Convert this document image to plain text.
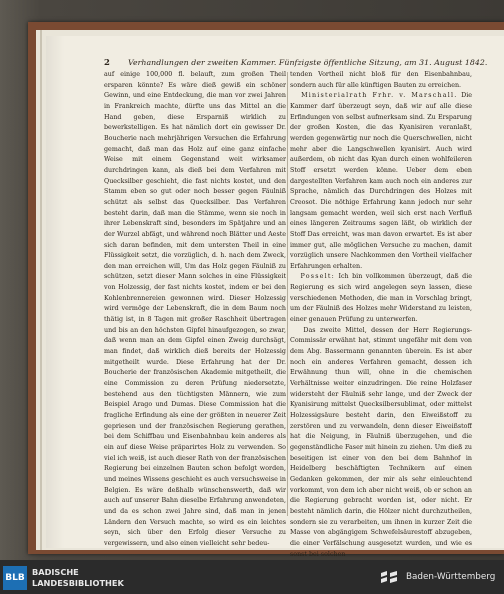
2 Verhandlungen der zweiten Kammer. Fünfzigste öffentliche Sitzung, am 31. August 1842.

auf einige 100,000 fl. belauft, zum großen Theil ersparen könnte? Es wäre dieß gewiß ein schöner Gewinn, und eine Entdeckung, die man vor zwei Jahren in Frankreich machte, dürfte uns das Mittel an die Hand geben, diese Ersparniß wirklich zu bewerkstelligen. Es hat nämlich dort ein gewisser Dr. Boucherie nach mehrjährigen Versuchen die Erfahrung gemacht, daß man das Holz auf eine ganz einfache Weise mit einem Gegenstand weit wirksamer durchdringen kann, als dieß bei dem Verfahren mit Quecksilber geschieht, die fast nichts kostet, und den Stamm eben so gut oder noch besser gegen Fäulniß schützt als selbst das Quecksilber. Das Verfahren besteht darin, daß man die Stämme, wenn sie noch in ihrer Lebenskraft sind, besonders im Spätjahre und an der Wurzel abfägt, und während noch Blätter und Aeste sich daran befinden, mit dem untersten Theil in eine Flüssigkeit setzt, die vorzüglich, d. h. nach dem Zweck, den man erreichen will, Um das Holz gegen Fäulniß zu schützen, setzt dieser Mann solches in eine Flüssigkeit von Holzessig, der fast nichts kostet, indem er bei den Kohlenbrennereien gewonnen wird. Dieser Holzessig wird vermöge der Lebenskraft, die in dem Baum noch thätig ist, in 8 Tagen mit großer Raschheit übertragen und bis an den höchsten Gipfel hinaufgezogen, so zwar, daß wenn man an dem Gipfel einen Zweig durchsägt, man findet, daß wirklich dieß bereits der Holzessig mitgetheilt wurde. Diese Erfahrung hat der Dr. Boucherie der französischen Akademie mitgetheilt, die eine Commission zu deren Prüfung niedersetzte, bestehend aus den tüchtigsten Männern, wie zum Beispiel Arago und Dumas. Diese Commission hat die fragliche Erfindung als eine der größten in neuerer Zeit gepriesen und der französischen Regierung gerathen, bei dem Schiffbau und Eisenbahnbau kein anderes als ein auf diese Weise präparirtes Holz zu verwenden. So viel ich weiß, ist auch dieser Rath von der französischen Regierung bei einzelnen Bauten schon befolgt worden, und meines Wissens geschieht es auch versuchsweise in Belgien. Es wäre deßhalb wünschenswerth, daß wir auch auf unserer Bahn dieselbe Erfahrung anwendeten, und da es schon zwei Jahre sind, daß man in jenen Ländern den Versuch machte, so wird es ein leichtes seyn, sich über den Erfolg dieser Versuche zu vergewissern, und also einen vielleicht sehr bedeu-

tenden Vortheil nicht bloß für den Eisenbahnbau, sondern auch für alle künftigen Bauten zu erreichen.

Ministerialrath Frhr. v. Marschall. Die Kammer darf überzeugt seyn, daß wir auf alle diese Erfindungen von selbst aufmerksam sind. Zu Ersparung der großen Kosten, die das Kyanisiren veranlaßt, werden gegenwärtig nur noch die Querschwellen, nicht mehr aber die Langschwellen kyanisirt. Auch wird außerdem, ob nicht das Kyan durch einen wohlfeileren Stoff ersetzt werden könne. Ueber dem eben dargestellten Verfahren kam auch noch ein anderes zur Sprache, nämlich das Durchdringen des Holzes mit Creosot. Die nöthige Erfahrung kann jedoch nur sehr langsam gemacht werden, weil sich erst nach Verfluß eines längeren Zeitraums sagen läßt, ob wirklich der Stoff Das erreicht, was man davon erwartet. Es ist aber immer gut, alle möglichen Versuche zu machen, damit vorzüglich unsere Nachkommen den Vortheil vielfacher Erfahrungen erhalten.

Posselt: Ich bin vollkommen überzeugt, daß die Regierung es sich wird angelegen seyn lassen, diese verschiedenen Methoden, die man in Vorschlag bringt, um der Fäulniß des Holzes mehr Widerstand zu leisten, einer genauen Prüfung zu unterwerfen.

Das zweite Mittel, dessen der Herr Regierungs-Commissär erwähnt hat, stimmt ungefähr mit dem von dem Abg. Bassermann genannten überein. Es ist aber noch ein anderes Verfahren gemacht, dessen ich Erwähnung thun will, ohne in die chemischen Verhältnisse weiter einzudringen. Die reine Holzfaser widersteht der Fäulniß sehr lange, und der Zweck der Kyanisirung mittelst Quecksilbersublimat, oder mittelst Holzessigsäure besteht darin, den Eiweißstoff zu zerstören und zu verwandeln, denn dieser Eiweißstoff hat die Neigung, in Fäulniß überzugehen, und die gegenständliche Faser mit hinein zu ziehen. Um dieß zu beseitigen ist einer von den bei dem Bahnhof in Heidelberg beschäftigten Technikern auf einen Gedanken gekommen, der mir als sehr einleuchtend vorkommt, von dem ich aber nicht weiß, ob er schon an die Regierung gebracht worden ist, oder nicht. Er besteht nämlich darin, die Hölzer nicht durchzutheilen, sondern sie zu verarbeiten, um ihnen in kurzer Zeit die Masse von abgängigem Schwefelsäurestoff abzugeben, die einer Verfälschung ausgesetzt wurden, und wie es sonst bei solchen

BLB
BADISCHE
LANDESBIBLIOTHEK
Baden-Württemberg
